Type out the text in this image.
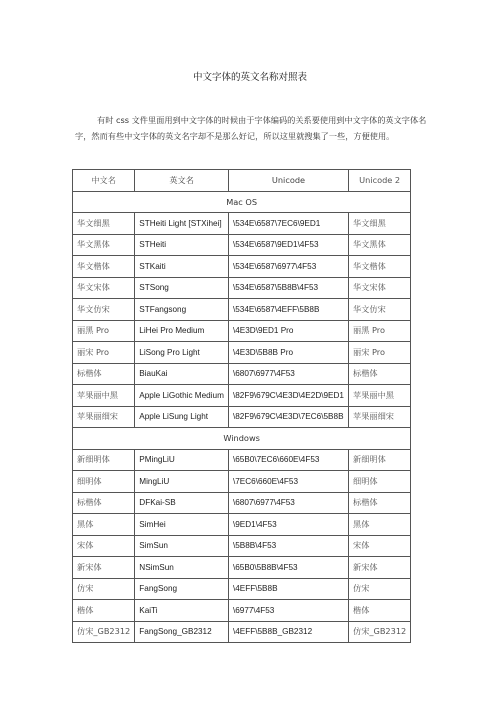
中文字体的英文名称对照表
有时 css 文件里面用到中文字体的时候由于字体编码的关系要使用到中文字体的英文字体名字，然而有些中文字体的英文名字却不是那么好记，所以这里就搜集了一些，方便使用。
中文名	英文名	Unicode	Unicode 2
Mac OS			
华文细黑	STHeiti Light [STXihei]	\534E\6587\7EC6\9ED1	华文细黑
华文黑体	STHeiti	\534E\6587\9ED1\4F53	华文黑体
华文楷体	STKaiti	\534E\6587\6977\4F53	华文楷体
华文宋体	STSong	\534E\6587\5B8B\4F53	华文宋体
华文仿宋	STFangsong	\534E\6587\4EFF\5B8B	华文仿宋
丽黑 Pro	LiHei Pro Medium	\4E3D\9ED1 Pro	丽黑 Pro
丽宋 Pro	LiSong Pro Light	\4E3D\5B8B Pro	丽宋 Pro
标楷体	BiauKai	\6807\6977\4F53	标楷体
苹果丽中黑	Apple LiGothic Medium	\82F9\679C\4E3D\4E2D\9ED1	苹果丽中黑
苹果丽细宋	Apple LiSung Light	\82F9\679C\4E3D\7EC6\5B8B	苹果丽细宋
Windows			
新细明体	PMingLiU	\65B0\7EC6\660E\4F53	新细明体
细明体	MingLiU	\7EC6\660E\4F53	细明体
标楷体	DFKai-SB	\6807\6977\4F53	标楷体
黑体	SimHei	\9ED1\4F53	黑体
宋体	SimSun	\5B8B\4F53	宋体
新宋体	NSimSun	\65B0\5B8B\4F53	新宋体
仿宋	FangSong	\4EFF\5B8B	仿宋
楷体	KaiTi	\6977\4F53	楷体
仿宋_GB2312	FangSong_GB2312	\4EFF\5B8B_GB2312	仿宋_GB2312
